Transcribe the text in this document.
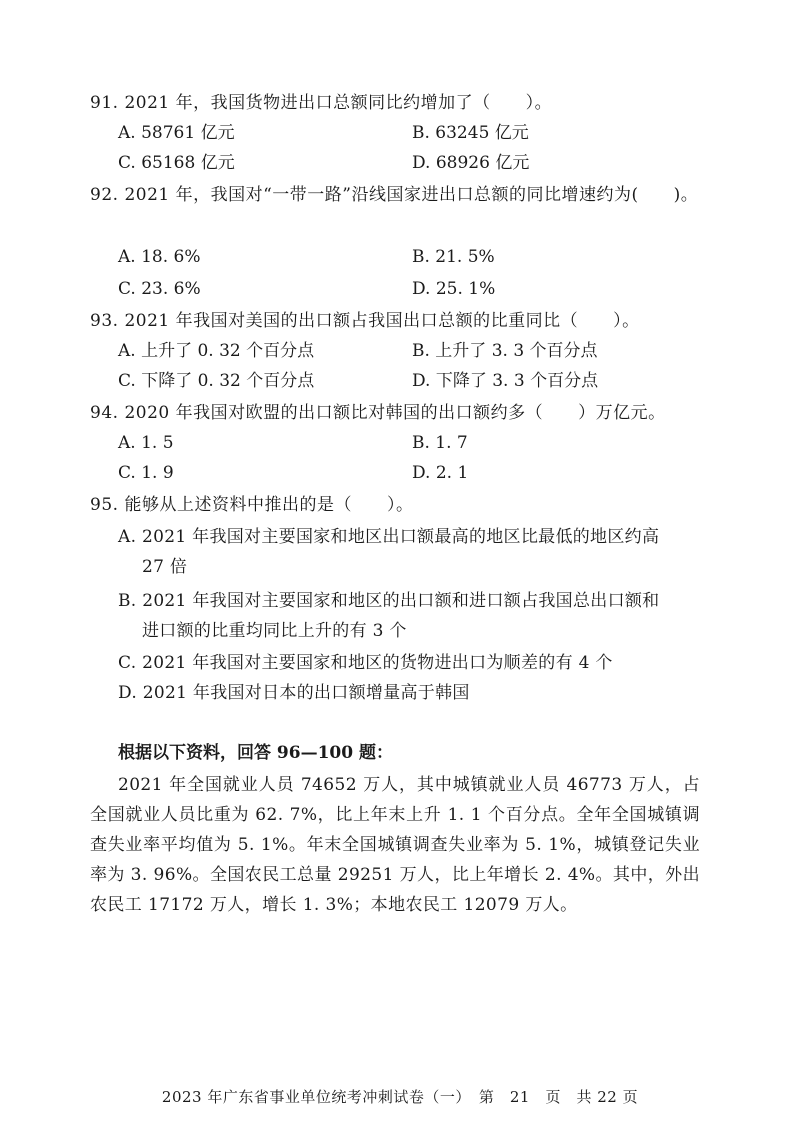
91. 2021 年，我国货物进出口总额同比约增加了（　　）。
A. 58761 亿元	B. 63245 亿元
C. 65168 亿元	D. 68926 亿元
92. 2021 年，我国对“一带一路”沿线国家进出口总额的同比增速约为(　　)。
A. 18. 6%	B. 21. 5%
C. 23. 6%	D. 25. 1%
93. 2021 年我国对美国的出口额占我国出口总额的比重同比（　　）。
A. 上升了 0. 32 个百分点	B. 上升了 3. 3 个百分点
C. 下降了 0. 32 个百分点	D. 下降了 3. 3 个百分点
94. 2020 年我国对欧盟的出口额比对韩国的出口额约多（　　）万亿元。
A. 1. 5	B. 1. 7
C. 1. 9	D. 2. 1
95. 能够从上述资料中推出的是（　　）。
A. 2021 年我国对主要国家和地区出口额最高的地区比最低的地区约高
27 倍
B. 2021 年我国对主要国家和地区的出口额和进口额占我国总出口额和
进口额的比重均同比上升的有 3 个
C. 2021 年我国对主要国家和地区的货物进出口为顺差的有 4 个
D. 2021 年我国对日本的出口额增量高于韩国
根据以下资料，回答 96—100 题：
2021 年全国就业人员 74652 万人，其中城镇就业人员 46773 万人，占全国就业人员比重为 62. 7%，比上年末上升 1. 1 个百分点。全年全国城镇调查失业率平均值为 5. 1%。年末全国城镇调查失业率为 5. 1%，城镇登记失业率为 3. 96%。全国农民工总量 29251 万人，比上年增长 2. 4%。其中，外出农民工 17172 万人，增长 1. 3%；本地农民工 12079 万人。
2023 年广东省事业单位统考冲刺试卷（一）　第　21　页　共 22 页
